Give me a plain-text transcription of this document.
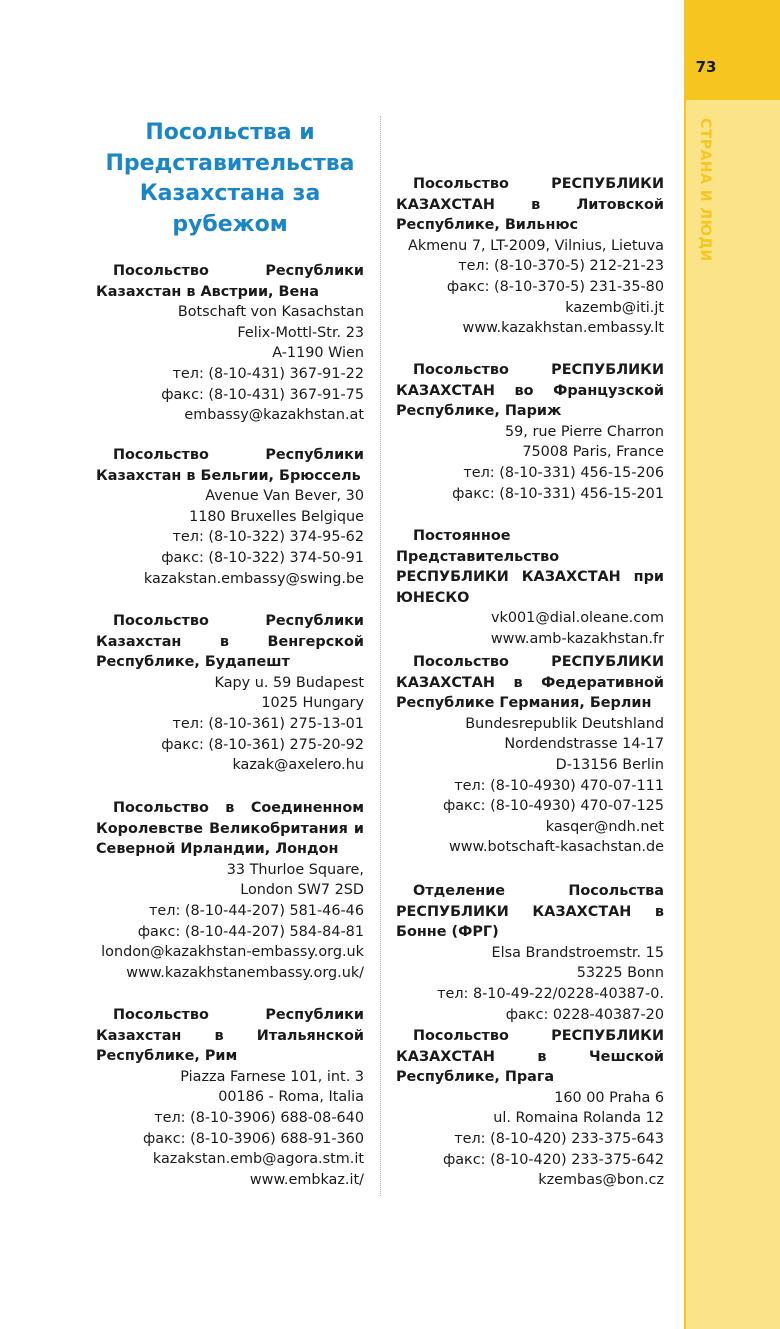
73
СТРАНА И ЛЮДИ
Посольства и Представительства Казахстана за рубежом
Посольство Республики Казахстан в Австрии, Вена
Botschaft von Kasachstan
Felix-Mottl-Str. 23
A-1190 Wien
тел: (8-10-431) 367-91-22
факс: (8-10-431) 367-91-75
embassy@kazakhstan.at
Посольство Республики Казахстан в Бельгии, Брюссель
Avenue Van Bever, 30
1180 Bruxelles Belgique
тел: (8-10-322) 374-95-62
факс: (8-10-322) 374-50-91
kazakstan.embassy@swing.be
Посольство Республики Казахстан в Венгерской Республике, Будапешт
Kapy u. 59 Budapest
1025 Hungary
тел: (8-10-361) 275-13-01
факс: (8-10-361) 275-20-92
kazak@axelero.hu
Посольство в Соединенном Королевстве Великобритания и Северной Ирландии, Лондон
33 Thurloe Square,
London SW7 2SD
тел: (8-10-44-207) 581-46-46
факс: (8-10-44-207) 584-84-81
london@kazakhstan-embassy.org.uk
www.kazakhstanembassy.org.uk/
Посольство Республики Казахстан в Итальянской Республике, Рим
Piazza Farnese 101, int. 3
00186 - Roma, Italia
тел: (8-10-3906) 688-08-640
факс: (8-10-3906) 688-91-360
kazakstan.emb@agora.stm.it
www.embkaz.it/
Посольство РЕСПУБЛИКИ КАЗАХСТАН в Литовской Республике, Вильнюс
Akmenu 7, LT-2009, Vilnius, Lietuva
тел: (8-10-370-5) 212-21-23
факс: (8-10-370-5) 231-35-80
kazemb@iti.jt
www.kazakhstan.embassy.lt
Посольство РЕСПУБЛИКИ КАЗАХСТАН во Французской Республике, Париж
59, rue Pierre Charron
75008 Paris, France
тел: (8-10-331) 456-15-206
факс: (8-10-331) 456-15-201
Постоянное Представительство РЕСПУБЛИКИ КАЗАХСТАН при ЮНЕСКО
vk001@dial.oleane.com
www.amb-kazakhstan.fr
Посольство РЕСПУБЛИКИ КАЗАХСТАН в Федеративной Республике Германия, Берлин
Bundesrepublik Deutshland
Nordendstrasse 14-17
D-13156 Berlin
тел: (8-10-4930) 470-07-111
факс: (8-10-4930) 470-07-125
kasqer@ndh.net
www.botschaft-kasachstan.de
Отделение Посольства РЕСПУБЛИКИ КАЗАХСТАН в Бонне (ФРГ)
Elsa Brandstroemstr. 15
53225 Bonn
тел: 8-10-49-22/0228-40387-0.
факс: 0228-40387-20
Посольство РЕСПУБЛИКИ КАЗАХСТАН в Чешской Республике, Прага
160 00 Praha 6
ul. Romaina Rolanda 12
тел: (8-10-420) 233-375-643
факс: (8-10-420) 233-375-642
kzembas@bon.cz
